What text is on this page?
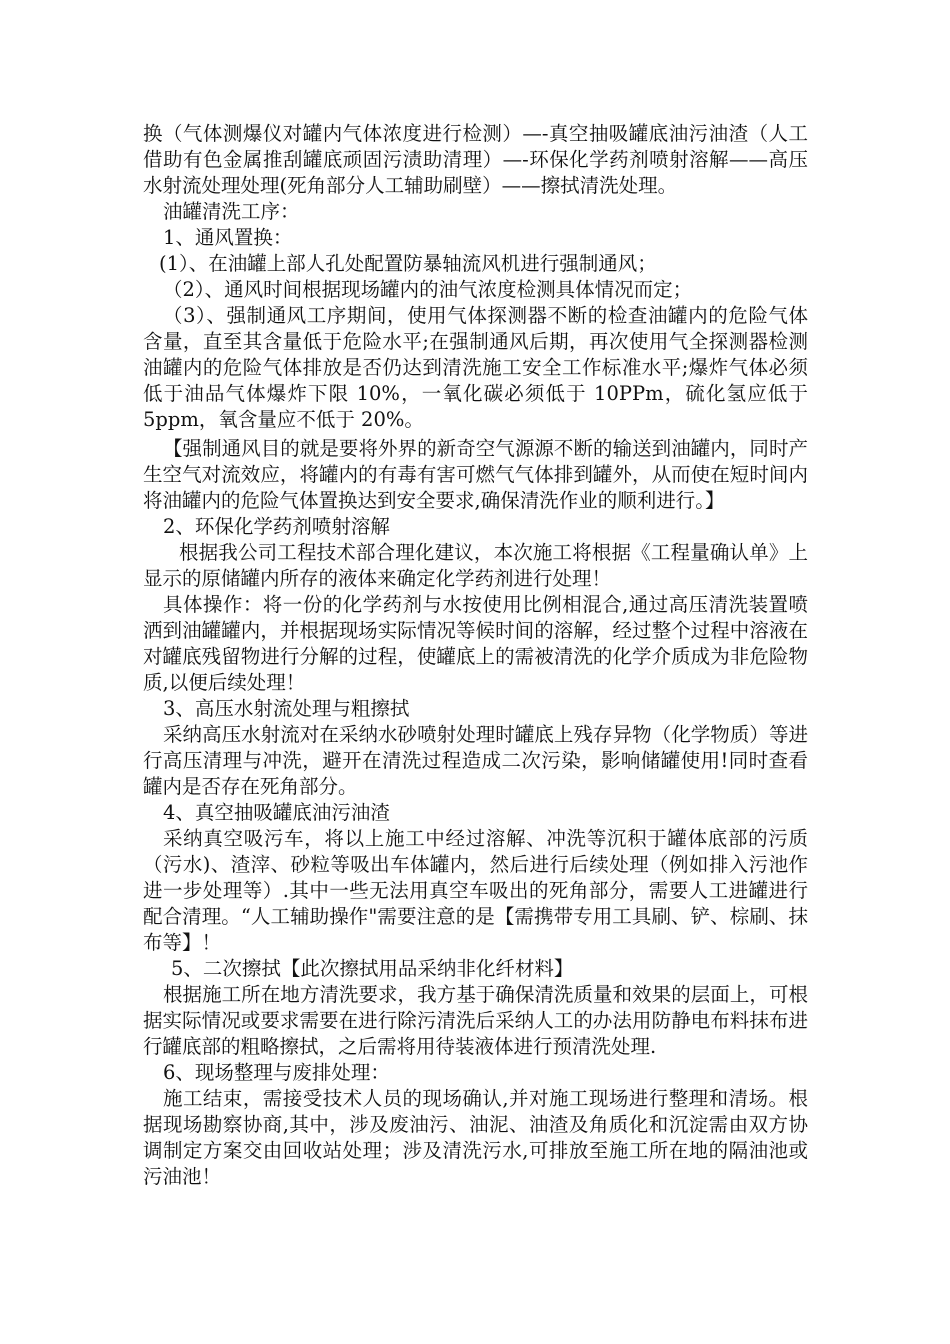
换（气体测爆仪对罐内气体浓度进行检测）—-真空抽吸罐底油污油渣（人工借助有色金属推刮罐底顽固污渍助清理）—-环保化学药剂喷射溶解——高压水射流处理处理(死角部分人工辅助刷壁）——擦拭清洗处理。

油罐清洗工序：

1、通风置换：

(1）、在油罐上部人孔处配置防暴轴流风机进行强制通风；

（2）、通风时间根据现场罐内的油气浓度检测具体情况而定；

（3）、强制通风工序期间，使用气体探测器不断的检查油罐内的危险气体含量，直至其含量低于危险水平;在强制通风后期，再次使用气全探测器检测油罐内的危险气体排放是否仍达到清洗施工安全工作标准水平;爆炸气体必须低于油品气体爆炸下限 10%，一氧化碳必须低于 10PPm，硫化氢应低于 5ppm，氧含量应不低于 20%。

【强制通风目的就是要将外界的新奇空气源源不断的输送到油罐内，同时产生空气对流效应，将罐内的有毒有害可燃气气体排到罐外，从而使在短时间内将油罐内的危险气体置换达到安全要求,确保清洗作业的顺利进行。】

2、环保化学药剂喷射溶解

根据我公司工程技术部合理化建议，本次施工将根据《工程量确认单》上显示的原储罐内所存的液体来确定化学药剂进行处理！

具体操作：将一份的化学药剂与水按使用比例相混合,通过高压清洗装置喷洒到油罐罐内，并根据现场实际情况等候时间的溶解，经过整个过程中溶液在对罐底残留物进行分解的过程，使罐底上的需被清洗的化学介质成为非危险物质,以便后续处理！

3、高压水射流处理与粗擦拭

采纳高压水射流对在采纳水砂喷射处理时罐底上残存异物（化学物质）等进行高压清理与冲洗，避开在清洗过程造成二次污染，影响储罐使用!同时查看罐内是否存在死角部分。

4、真空抽吸罐底油污油渣

采纳真空吸污车，将以上施工中经过溶解、冲洗等沉积于罐体底部的污质（污水)、渣滓、砂粒等吸出车体罐内，然后进行后续处理（例如排入污池作进一步处理等）.其中一些无法用真空车吸出的死角部分，需要人工进罐进行配合清理。“人工辅助操作"需要注意的是【需携带专用工具刷、铲、棕刷、抹布等】！

5、二次擦拭【此次擦拭用品采纳非化纤材料】

根据施工所在地方清洗要求，我方基于确保清洗质量和效果的层面上，可根据实际情况或要求需要在进行除污清洗后采纳人工的办法用防静电布料抹布进行罐底部的粗略擦拭，之后需将用待装液体进行预清洗处理.

6、现场整理与废排处理：

施工结束，需接受技术人员的现场确认,并对施工现场进行整理和清场。根据现场勘察协商,其中，涉及废油污、油泥、油渣及角质化和沉淀需由双方协调制定方案交由回收站处理；涉及清洗污水,可排放至施工所在地的隔油池或污油池！
